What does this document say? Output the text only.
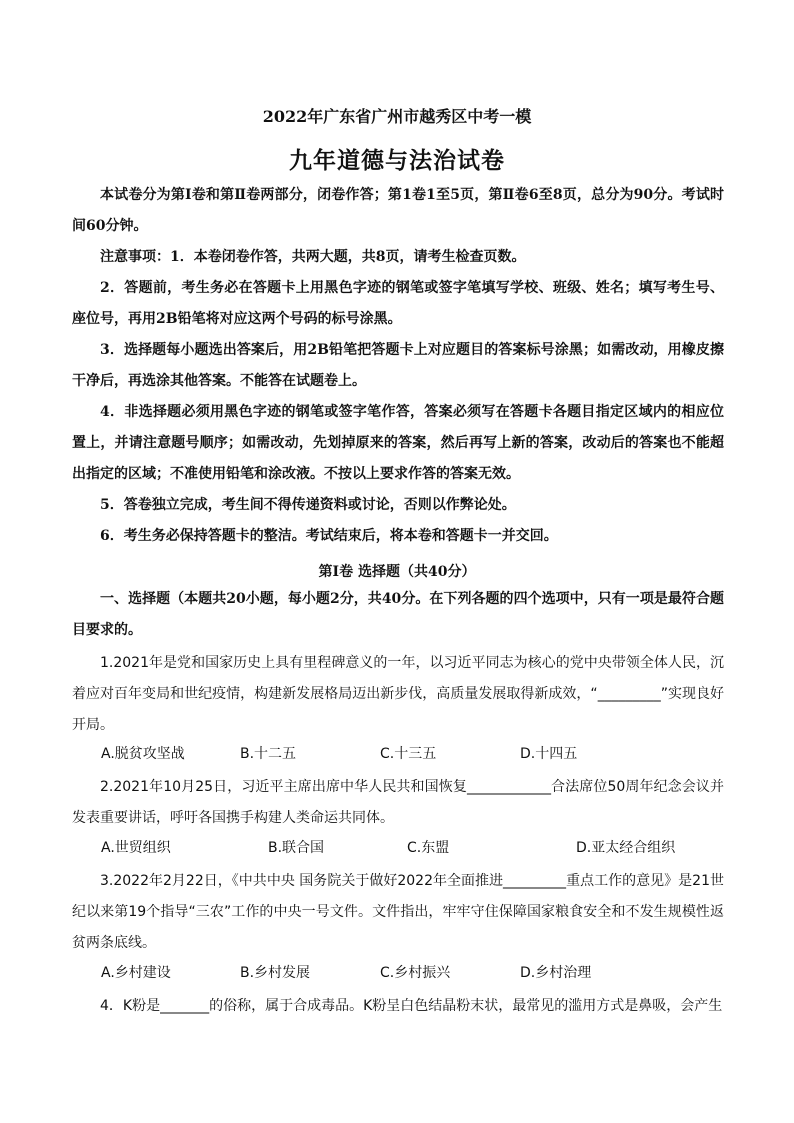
2022年广东省广州市越秀区中考一模
九年道德与法治试卷
本试卷分为第Ⅰ卷和第Ⅱ卷两部分，闭卷作答；第1卷1至5页，第Ⅱ卷6至8页，总分为90分。考试时间60分钟。
注意事项：1．本卷闭卷作答，共两大题，共8页，请考生检查页数。
2．答题前，考生务必在答题卡上用黑色字迹的钢笔或签字笔填写学校、班级、姓名；填写考生号、座位号，再用2B铅笔将对应这两个号码的标号涂黑。
3．选择题每小题选出答案后，用2B铅笔把答题卡上对应题目的答案标号涂黑；如需改动，用橡皮擦干净后，再选涂其他答案。不能答在试题卷上。
4．非选择题必须用黑色字迹的钢笔或签字笔作答，答案必须写在答题卡各题目指定区域内的相应位置上，并请注意题号顺序；如需改动，先划掉原来的答案，然后再写上新的答案，改动后的答案也不能超出指定的区域；不准使用铅笔和涂改液。不按以上要求作答的答案无效。
5．答卷独立完成，考生间不得传递资料或讨论，否则以作弊论处。
6．考生务必保持答题卡的整洁。考试结束后，将本卷和答题卡一并交回。
第Ⅰ卷 选择题（共40分）
一、选择题（本题共20小题，每小题2分，共40分。在下列各题的四个选项中，只有一项是最符合题目要求的。
1.2021年是党和国家历史上具有里程碑意义的一年，以习近平同志为核心的党中央带领全体人民，沉着应对百年变局和世纪疫情，构建新发展格局迈出新步伐，高质量发展取得新成效，“_________”实现良好开局。
A.脱贫攻坚战	B.十二五	C.十三五	D.十四五
2.2021年10月25日，习近平主席出席中华人民共和国恢复____________合法席位50周年纪念会议并发表重要讲话，呼吁各国携手构建人类命运共同体。
A.世贸组织	B.联合国	C.东盟	D.亚太经合组织
3.2022年2月22日，《中共中央 国务院关于做好2022年全面推进_________重点工作的意见》是21世纪以来第19个指导“三农”工作的中央一号文件。文件指出，牢牢守住保障国家粮食安全和不发生规模性返贫两条底线。
A.乡村建设	B.乡村发展	C.乡村振兴	D.乡村治理
4．K粉是_______的俗称，属于合成毒品。K粉呈白色结晶粉末状，最常见的滥用方式是鼻吸，会产生
